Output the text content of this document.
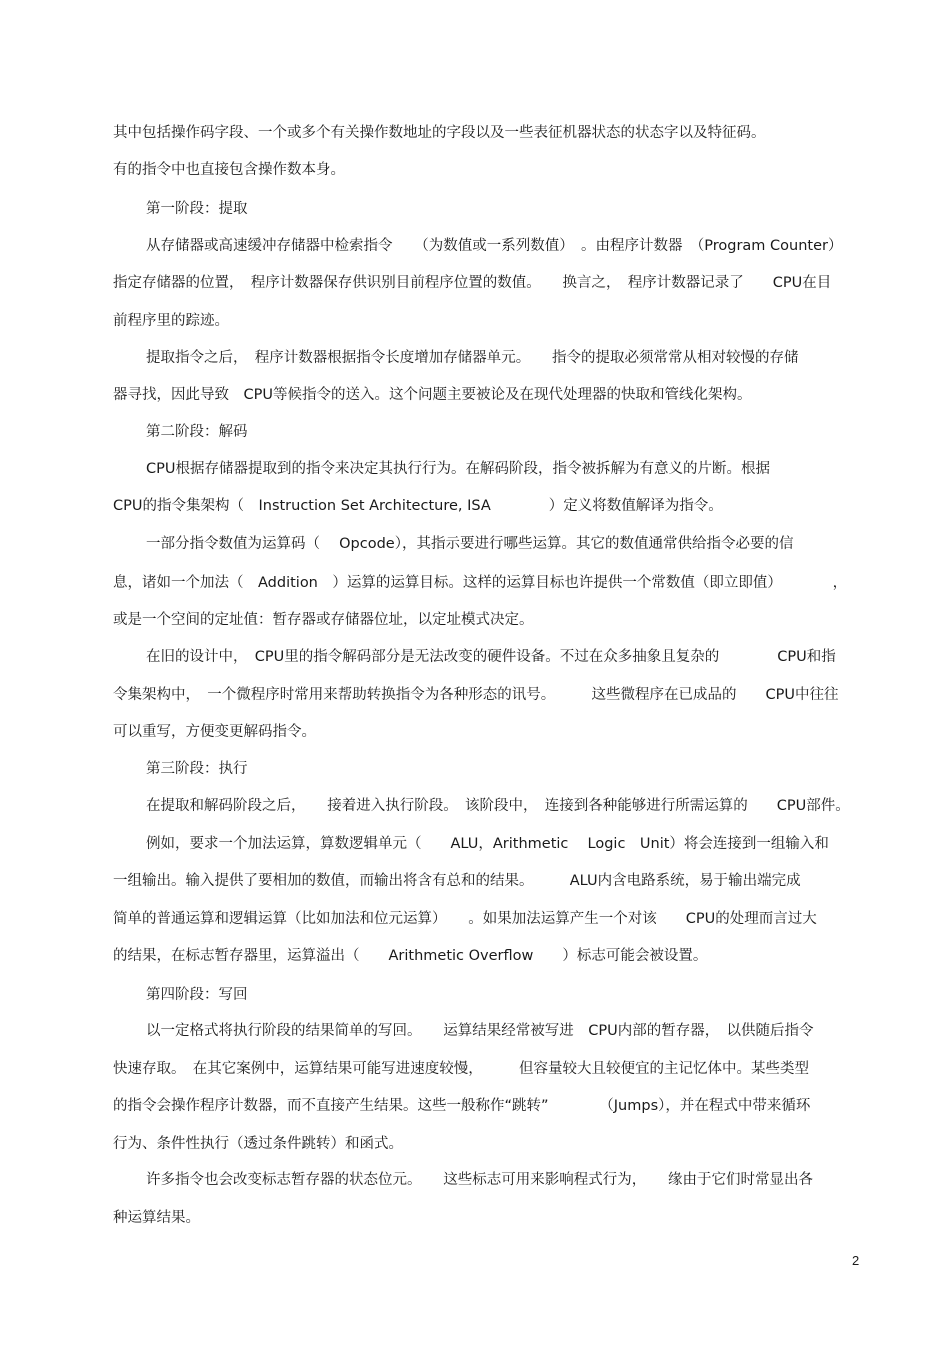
其中包括操作码字段、一个或多个有关操作数地址的字段以及一些表征机器状态的状态字以及特征码。

有的指令中也直接包含操作数本身。

第一阶段：提取

从存储器或高速缓冲存储器中检索指令　　（为数值或一系列数值）　。由程序计数器　（Program Counter）

指定存储器的位置，　程序计数器保存供识别目前程序位置的数值。　　换言之，　程序计数器记录了　　CPU在目

前程序里的踪迹。

提取指令之后，　程序计数器根据指令长度增加存储器单元。　　指令的提取必须常常从相对较慢的存储

器寻找，因此导致　CPU等候指令的送入。这个问题主要被论及在现代处理器的快取和管线化架构。

第二阶段：解码

CPU根据存储器提取到的指令来决定其执行行为。在解码阶段，指令被拆解为有意义的片断。根据

CPU的指令集架构（　Instruction Set Architecture, ISA　　　　）定义将数值解译为指令。

一部分指令数值为运算码（　 Opcode），其指示要进行哪些运算。其它的数值通常供给指令必要的信

息，诸如一个加法（　Addition　）运算的运算目标。这样的运算目标也许提供一个常数值（即立即值）　　　　，

或是一个空间的定址值：暂存器或存储器位址，以定址模式决定。

在旧的设计中，　CPU里的指令解码部分是无法改变的硬件设备。不过在众多抽象且复杂的　　　　CPU和指

令集架构中，　一个微程序时常用来帮助转换指令为各种形态的讯号。　　　这些微程序在已成品的　　CPU中往往

可以重写，方便变更解码指令。

第三阶段：执行

在提取和解码阶段之后，　　接着进入执行阶段。　该阶段中，　连接到各种能够进行所需运算的　　CPU部件。

例如，要求一个加法运算，算数逻辑单元（　　ALU，Arithmetic　 Logic　Unit）将会连接到一组输入和

一组输出。输入提供了要相加的数值，而输出将含有总和的结果。　　　ALU内含电路系统，易于输出端完成

简单的普通运算和逻辑运算（比如加法和位元运算）　　。如果加法运算产生一个对该　　CPU的处理而言过大

的结果，在标志暂存器里，运算溢出（　　Arithmetic Overflow　　）标志可能会被设置。

第四阶段：写回

以一定格式将执行阶段的结果简单的写回。　　运算结果经常被写进　CPU内部的暂存器，　以供随后指令

快速存取。　在其它案例中，运算结果可能写进速度较慢，　　　但容量较大且较便宜的主记忆体中。某些类型

的指令会操作程序计数器，而不直接产生结果。这些一般称作“跳转”　　　　（Jumps），并在程式中带来循环

行为、条件性执行（透过条件跳转）和函式。

许多指令也会改变标志暂存器的状态位元。　　这些标志可用来影响程式行为，　　缘由于它们时常显出各

种运算结果。

2
